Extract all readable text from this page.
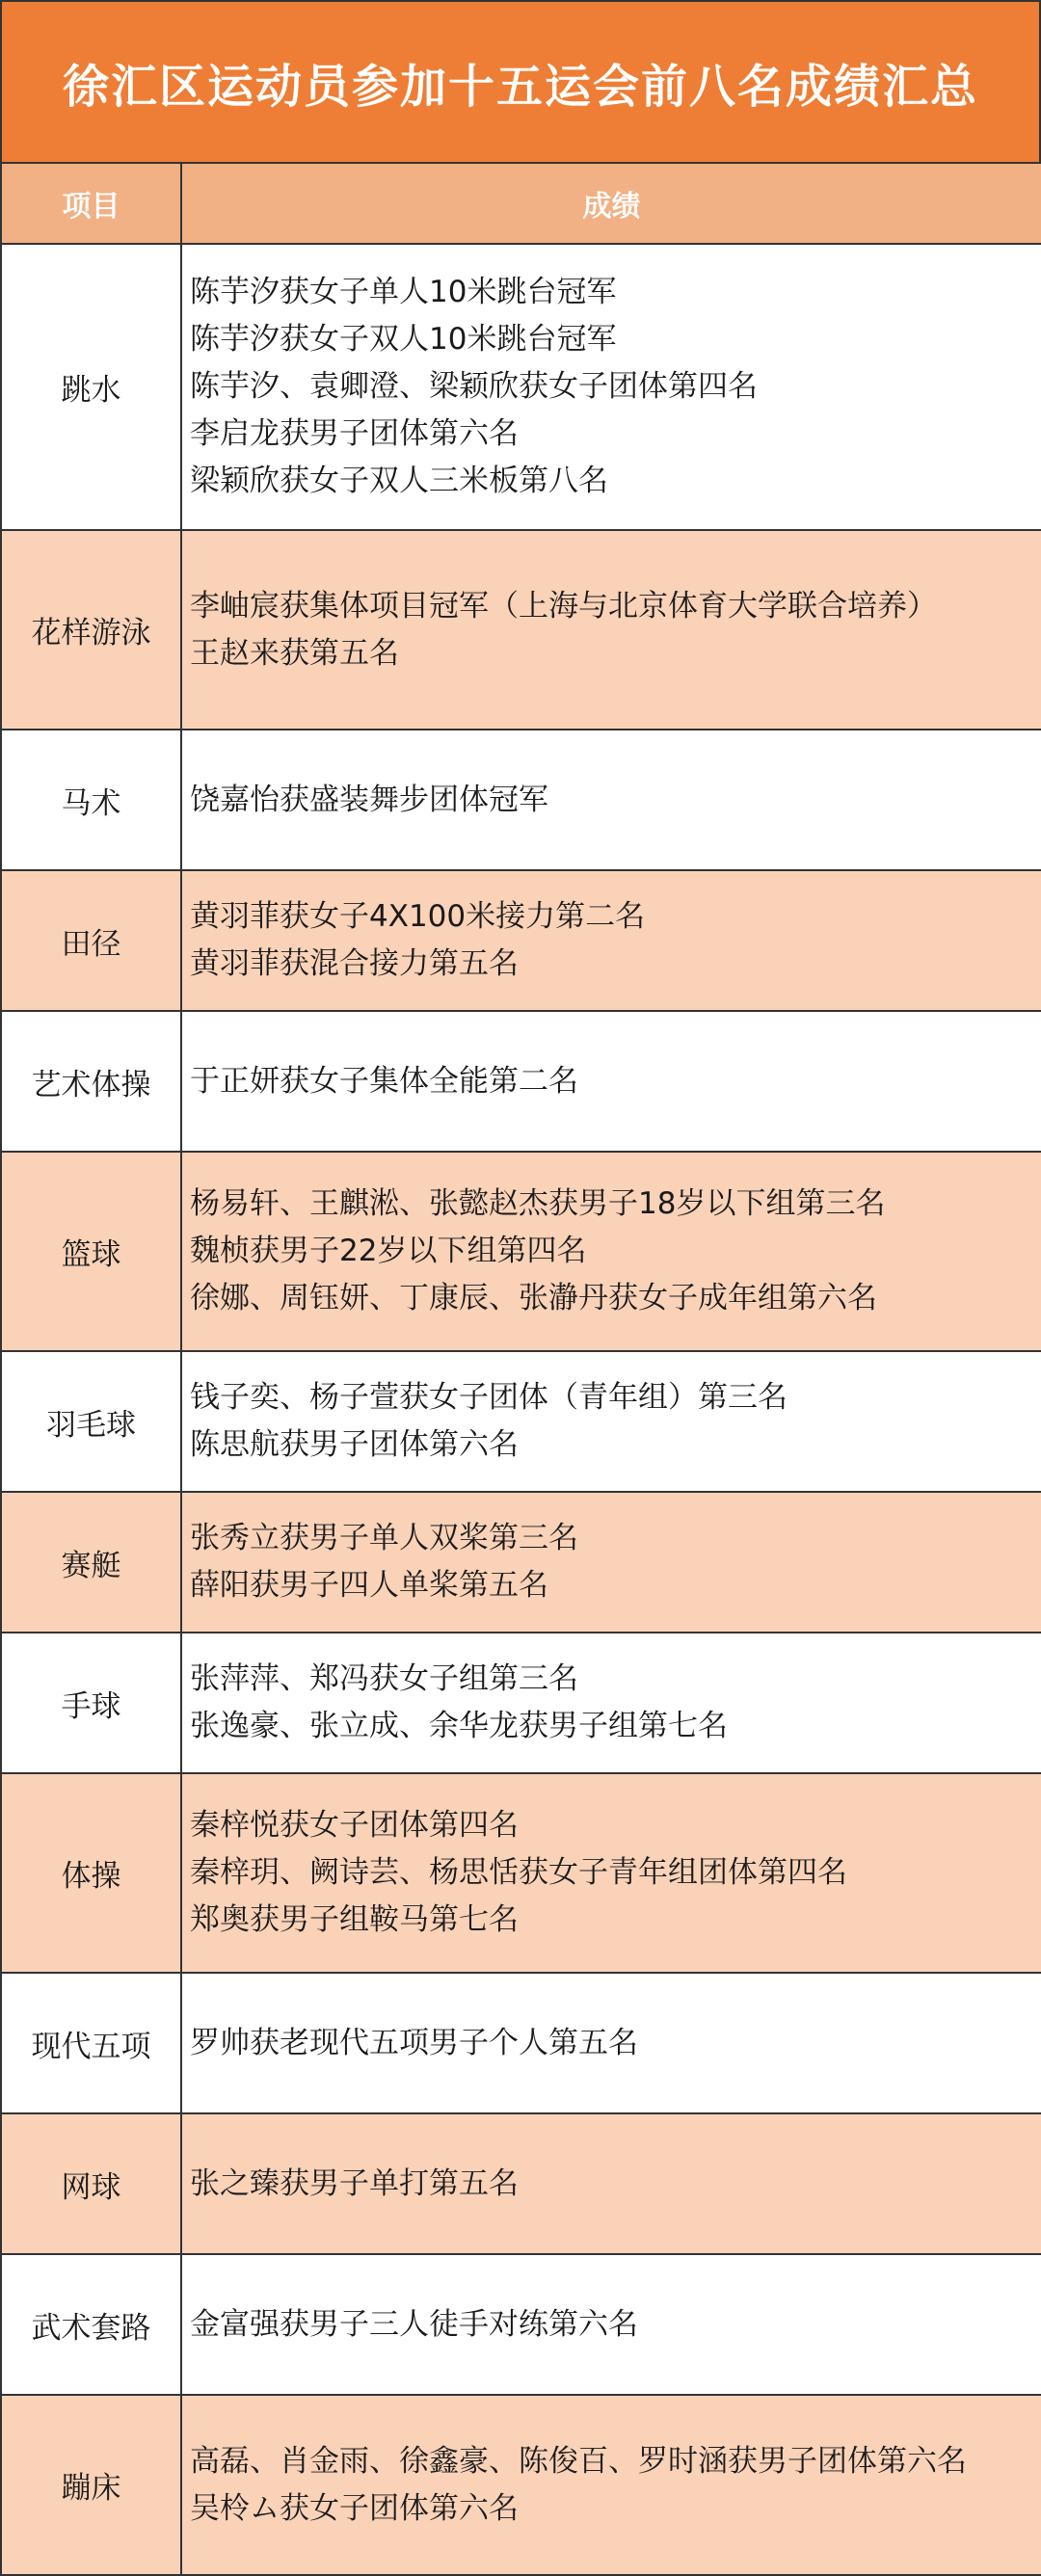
徐汇区运动员参加十五运会前八名成绩汇总
项目	成绩
跳水	陈芋汐获女子单人10米跳台冠军
陈芋汐获女子双人10米跳台冠军
陈芋汐、袁卿澄、梁颖欣获女子团体第四名
李启龙获男子团体第六名
梁颖欣获女子双人三米板第八名

花样游泳	李岫宸获集体项目冠军（上海与北京体育大学联合培养）
王赵来获第五名

马术	饶嘉怡获盛装舞步团体冠军

田径	黄羽菲获女子4X100米接力第二名
黄羽菲获混合接力第五名

艺术体操	于正妍获女子集体全能第二名

篮球	杨易轩、王麒淞、张懿赵杰获男子18岁以下组第三名
魏桢获男子22岁以下组第四名
徐娜、周钰妍、丁康辰、张瀞丹获女子成年组第六名

羽毛球	钱子奕、杨子萱获女子团体（青年组）第三名
陈思航获男子团体第六名

赛艇	张秀立获男子单人双桨第三名
薛阳获男子四人单桨第五名

手球	张萍萍、郑冯获女子组第三名
张逸豪、张立成、余华龙获男子组第七名

体操	秦梓悦获女子团体第四名
秦梓玥、阙诗芸、杨思恬获女子青年组团体第四名
郑奥获男子组鞍马第七名

现代五项	罗帅获老现代五项男子个人第五名

网球	张之臻获男子单打第五名

武术套路	金富强获男子三人徒手对练第六名

蹦床	高磊、肖金雨、徐鑫豪、陈俊百、罗时涵获男子团体第六名
吴柃ム获女子团体第六名
